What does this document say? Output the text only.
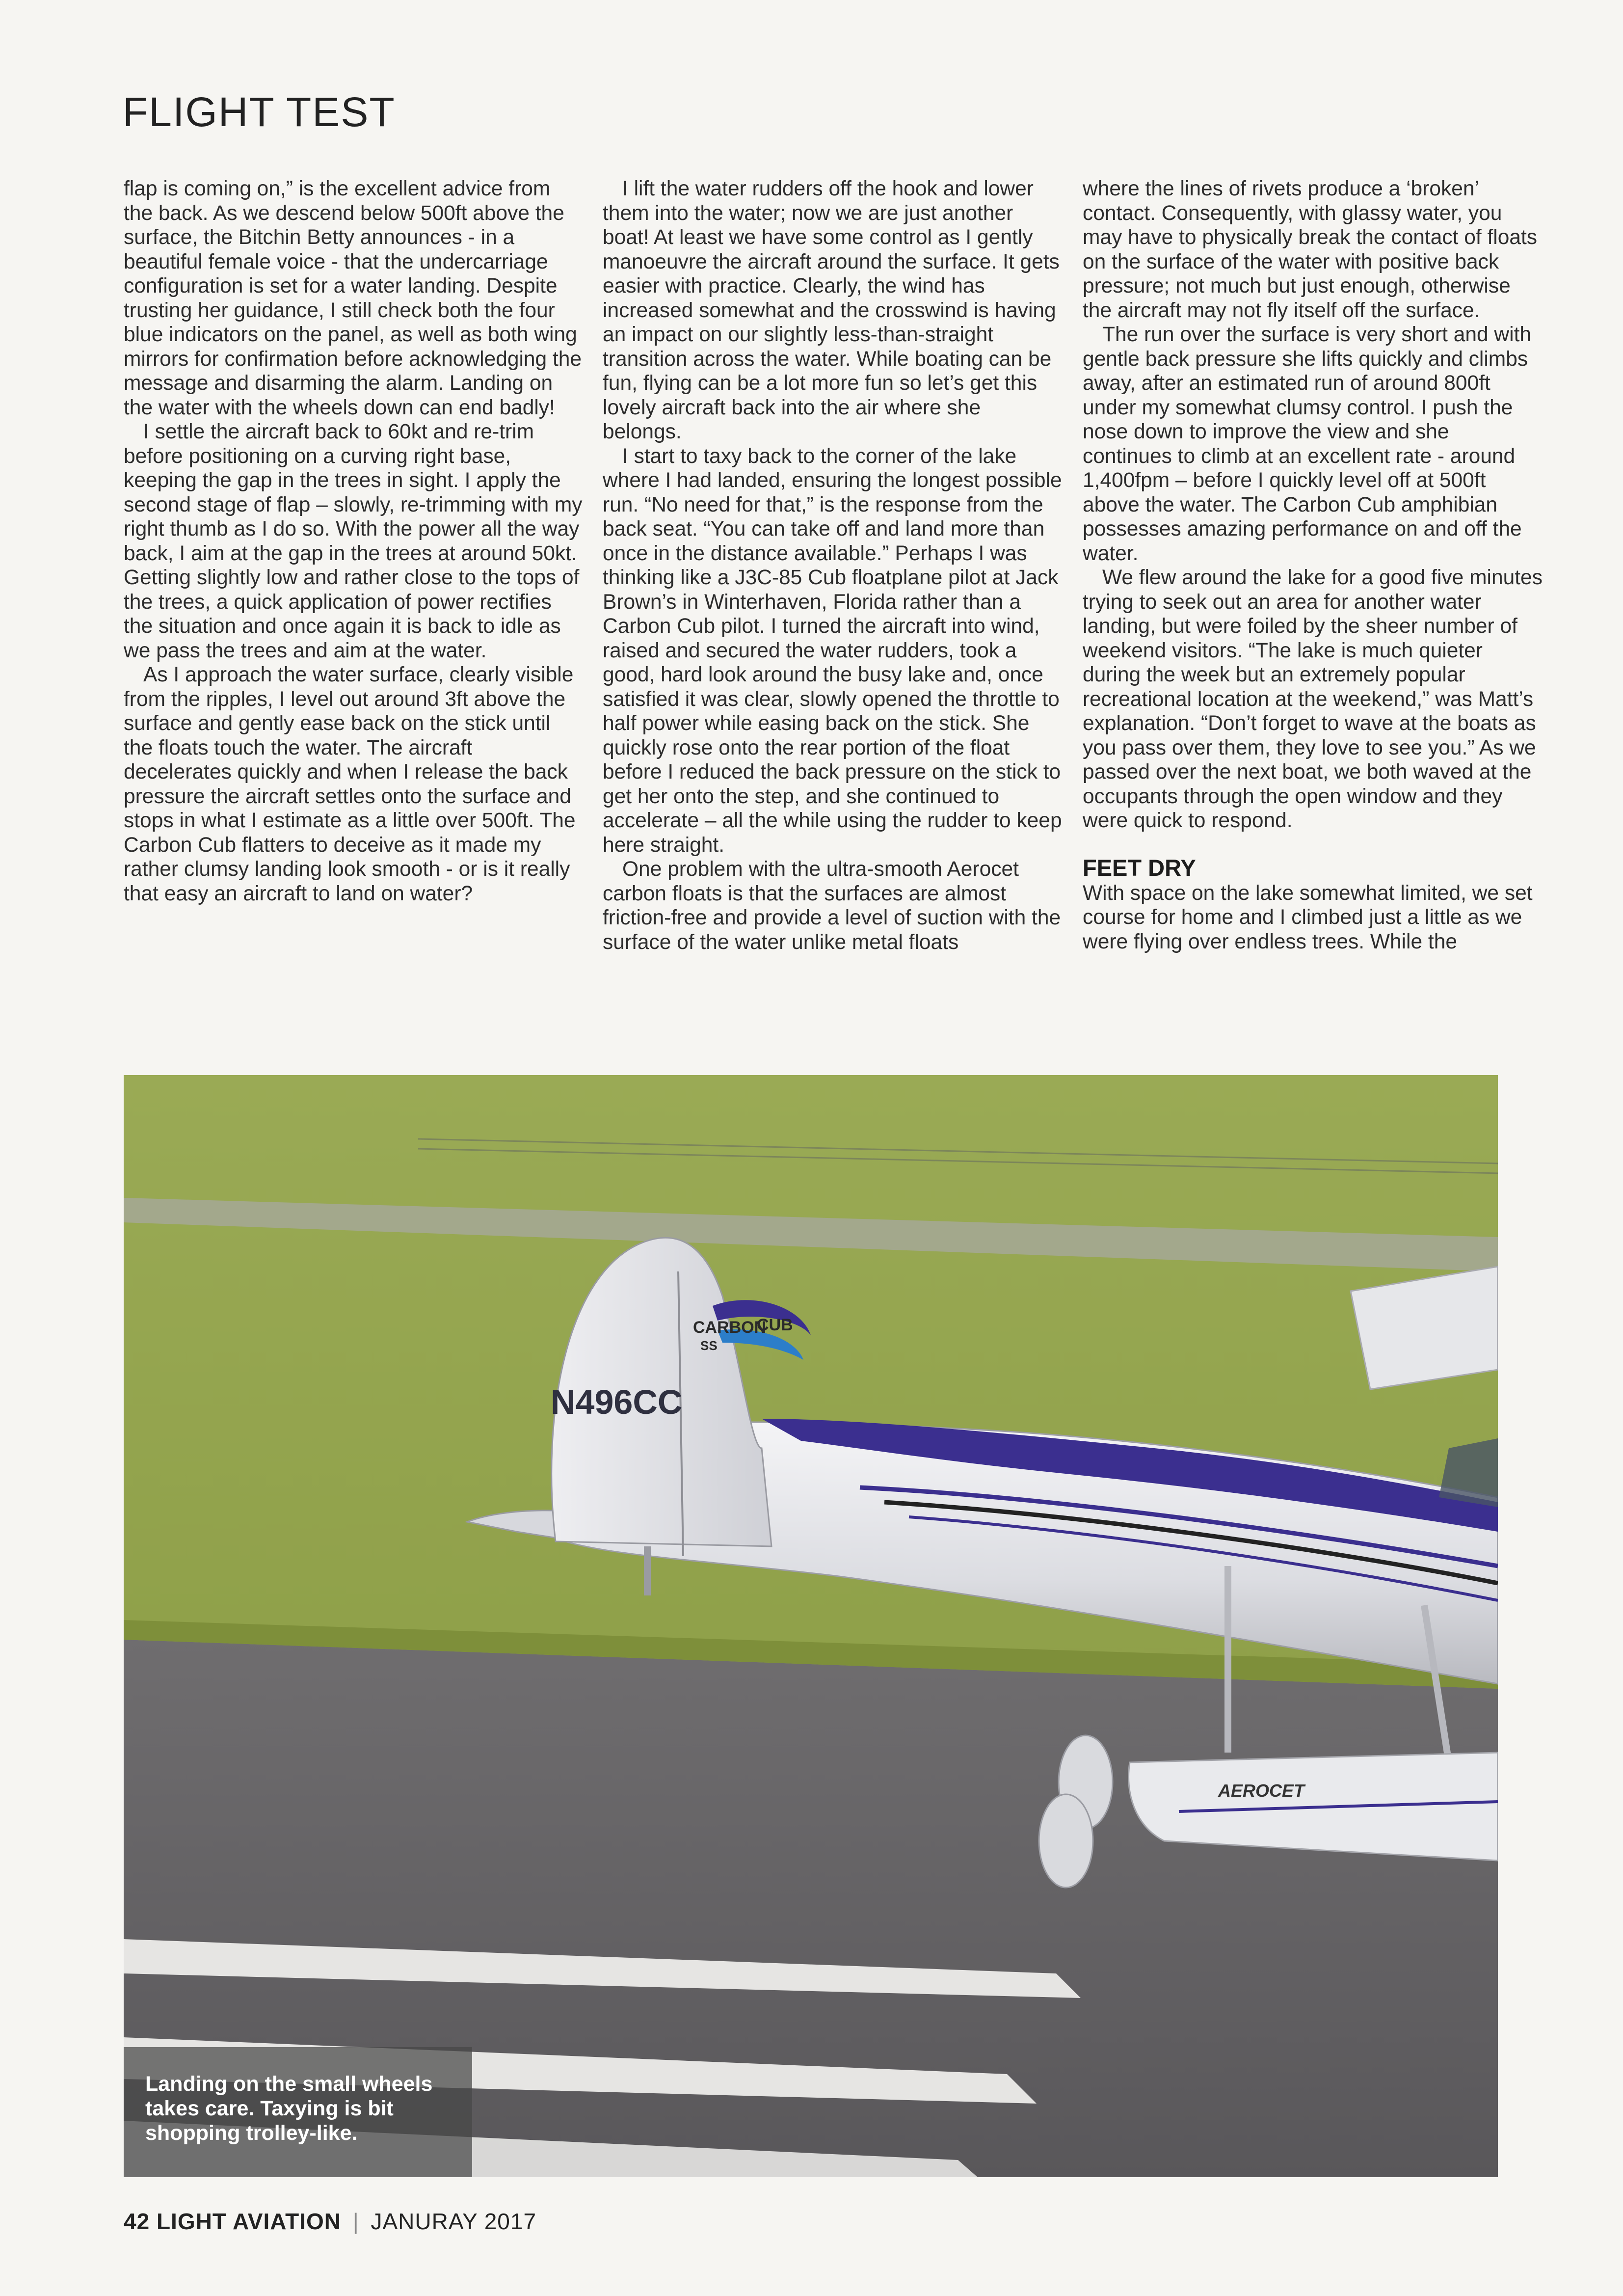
FLIGHT TEST

flap is coming on,” is the excellent advice from the back. As we descend below 500ft above the surface, the Bitchin Betty announces - in a beautiful female voice - that the undercarriage configuration is set for a water landing. Despite trusting her guidance, I still check both the four blue indicators on the panel, as well as both wing mirrors for confirmation before acknowledging the message and disarming the alarm. Landing on the water with the wheels down can end badly!

I settle the aircraft back to 60kt and re-trim before positioning on a curving right base, keeping the gap in the trees in sight. I apply the second stage of flap – slowly, re-trimming with my right thumb as I do so. With the power all the way back, I aim at the gap in the trees at around 50kt. Getting slightly low and rather close to the tops of the trees, a quick application of power rectifies the situation and once again it is back to idle as we pass the trees and aim at the water.

As I approach the water surface, clearly visible from the ripples, I level out around 3ft above the surface and gently ease back on the stick until the floats touch the water. The aircraft decelerates quickly and when I release the back pressure the aircraft settles onto the surface and stops in what I estimate as a little over 500ft. The Carbon Cub flatters to deceive as it made my rather clumsy landing look smooth - or is it really that easy an aircraft to land on water?

I lift the water rudders off the hook and lower them into the water; now we are just another boat! At least we have some control as I gently manoeuvre the aircraft around the surface. It gets easier with practice. Clearly, the wind has increased somewhat and the crosswind is having an impact on our slightly less-than-straight transition across the water. While boating can be fun, flying can be a lot more fun so let’s get this lovely aircraft back into the air where she belongs.

I start to taxy back to the corner of the lake where I had landed, ensuring the longest possible run. “No need for that,” is the response from the back seat. “You can take off and land more than once in the distance available.” Perhaps I was thinking like a J3C-85 Cub floatplane pilot at Jack Brown’s in Winterhaven, Florida rather than a Carbon Cub pilot. I turned the aircraft into wind, raised and secured the water rudders, took a good, hard look around the busy lake and, once satisfied it was clear, slowly opened the throttle to half power while easing back on the stick. She quickly rose onto the rear portion of the float before I reduced the back pressure on the stick to get her onto the step, and she continued to accelerate – all the while using the rudder to keep here straight.

One problem with the ultra-smooth Aerocet carbon floats is that the surfaces are almost friction-free and provide a level of suction with the surface of the water unlike metal floats

where the lines of rivets produce a ‘broken’ contact. Consequently, with glassy water, you may have to physically break the contact of floats on the surface of the water with positive back pressure; not much but just enough, otherwise the aircraft may not fly itself off the surface.

The run over the surface is very short and with gentle back pressure she lifts quickly and climbs away, after an estimated run of around 800ft under my somewhat clumsy control. I push the nose down to improve the view and she continues to climb at an excellent rate - around 1,400fpm – before I quickly level off at 500ft above the water. The Carbon Cub amphibian possesses amazing performance on and off the water.

We flew around the lake for a good five minutes trying to seek out an area for another water landing, but were foiled by the sheer number of weekend visitors. “The lake is much quieter during the week but an extremely popular recreational location at the weekend,” was Matt’s explanation. “Don’t forget to wave at the boats as you pass over them, they love to see you.” As we passed over the next boat, we both waved at the occupants through the open window and they were quick to respond.

FEET DRY

With space on the lake somewhat limited, we set course for home and I climbed just a little as we were flying over endless trees. While the

CARBON
CUB
SS
N496CC
AEROCET
Landing on the small wheels
takes care. Taxying is bit
shopping trolley-like.
42 LIGHT AVIATION | JANURAY 2017
